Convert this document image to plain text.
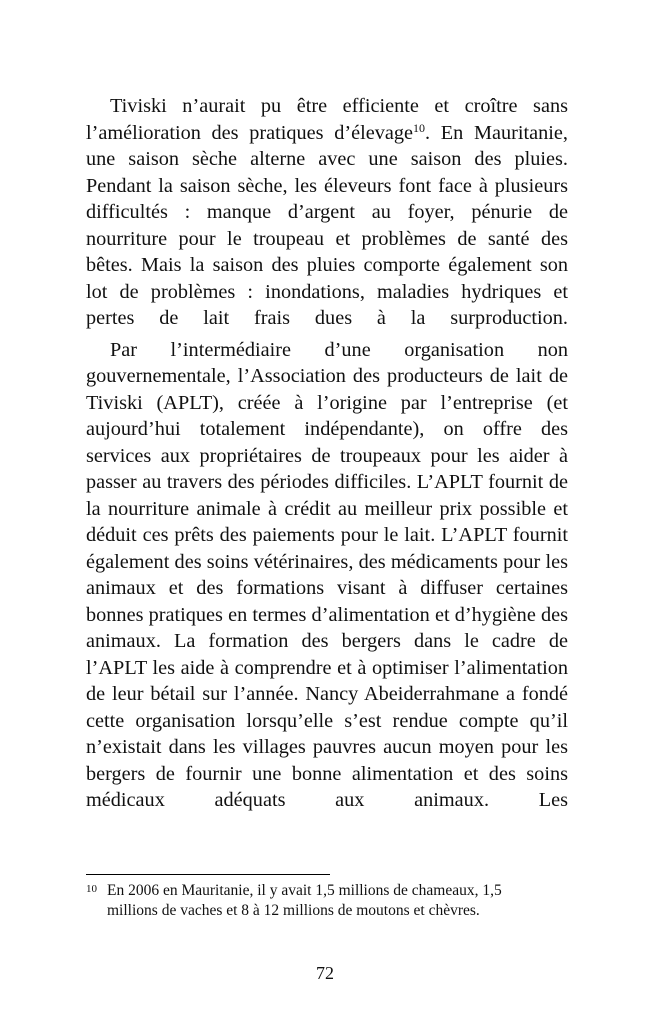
Tiviski n’aurait pu être efficiente et croître sans l’amélioration des pratiques d’élevage$^{10}$. En Mauritanie, une saison sèche alterne avec une saison des pluies. Pendant la saison sèche, les éleveurs font face à plusieurs difficultés : manque d’argent au foyer, pénurie de nourriture pour le troupeau et problèmes de santé des bêtes. Mais la saison des pluies comporte également son lot de problèmes : inondations, maladies hydriques et pertes de lait frais dues à la surproduction.

Par l’intermédiaire d’une organisation non gouvernementale, l’Association des producteurs de lait de Tiviski (APLT), créée à l’origine par l’entreprise (et aujourd’hui totalement indépendante), on offre des services aux propriétaires de troupeaux pour les aider à passer au travers des périodes difficiles. L’APLT fournit de la nourriture animale à crédit au meilleur prix possible et déduit ces prêts des paiements pour le lait. L’APLT fournit également des soins vétérinaires, des médicaments pour les animaux et des formations visant à diffuser certaines bonnes pratiques en termes d’alimentation et d’hygiène des animaux. La formation des bergers dans le cadre de l’APLT les aide à comprendre et à optimiser l’alimentation de leur bétail sur l’année. Nancy Abeiderrahmane a fondé cette organisation lorsqu’elle s’est rendue compte qu’il n’existait dans les villages pauvres aucun moyen pour les bergers de fournir une bonne alimentation et des soins médicaux adéquats aux animaux. Les

10 En 2006 en Mauritanie, il y avait 1,5 millions de chameaux, 1,5 millions de vaches et 8 à 12 millions de moutons et chèvres.
72
